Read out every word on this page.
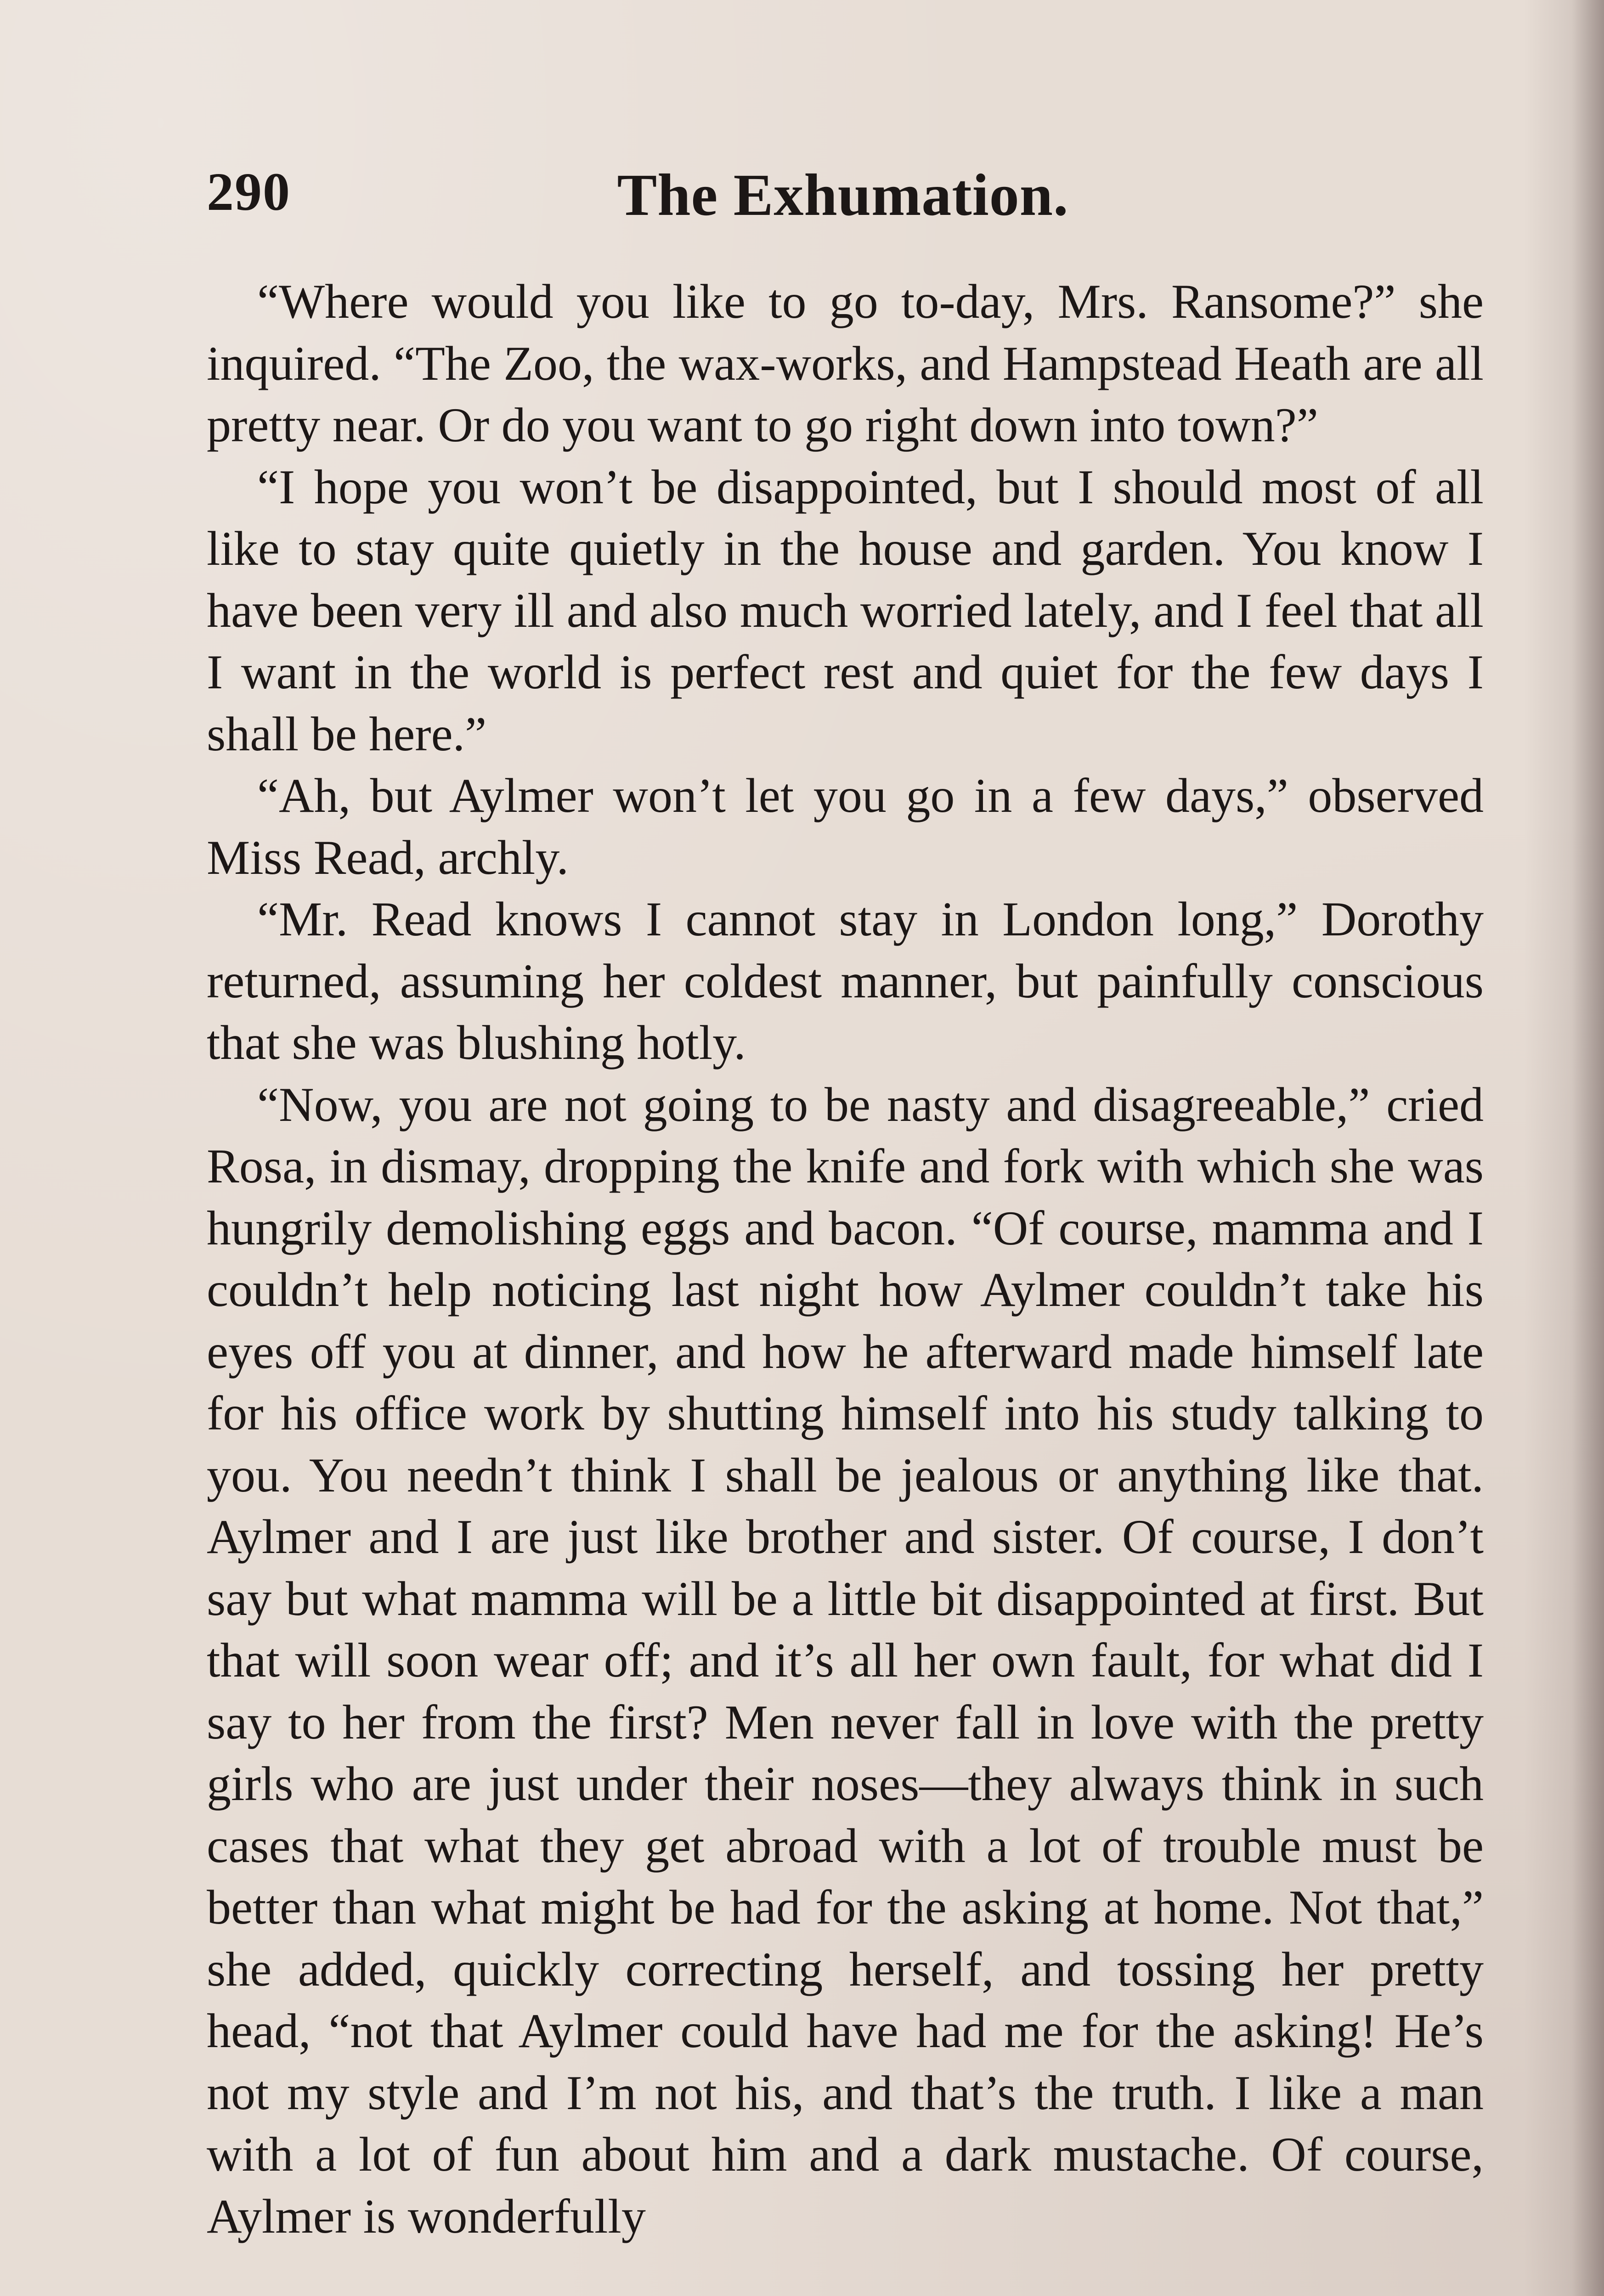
290	The Exhumation.

“Where would you like to go to-day, Mrs. Ransome?” she inquired. “The Zoo, the wax-works, and Hampstead Heath are all pretty near. Or do you want to go right down into town?”

“I hope you won’t be disappointed, but I should most of all like to stay quite quietly in the house and garden. You know I have been very ill and also much worried lately, and I feel that all I want in the world is perfect rest and quiet for the few days I shall be here.”

“Ah, but Aylmer won’t let you go in a few days,” observed Miss Read, archly.

“Mr. Read knows I cannot stay in London long,” Dorothy returned, assuming her coldest manner, but painfully conscious that she was blushing hotly.

“Now, you are not going to be nasty and disagreeable,” cried Rosa, in dismay, dropping the knife and fork with which she was hungrily demolishing eggs and bacon. “Of course, mamma and I couldn’t help noticing last night how Aylmer couldn’t take his eyes off you at dinner, and how he afterward made himself late for his office work by shutting himself into his study talking to you. You needn’t think I shall be jealous or anything like that. Aylmer and I are just like brother and sister. Of course, I don’t say but what mamma will be a little bit disappointed at first. But that will soon wear off; and it’s all her own fault, for what did I say to her from the first? Men never fall in love with the pretty girls who are just under their noses—they always think in such cases that what they get abroad with a lot of trouble must be better than what might be had for the asking at home. Not that,” she added, quickly correcting herself, and tossing her pretty head, “not that Aylmer could have had me for the asking! He’s not my style and I’m not his, and that’s the truth. I like a man with a lot of fun about him and a dark mustache. Of course, Aylmer is wonderfully
